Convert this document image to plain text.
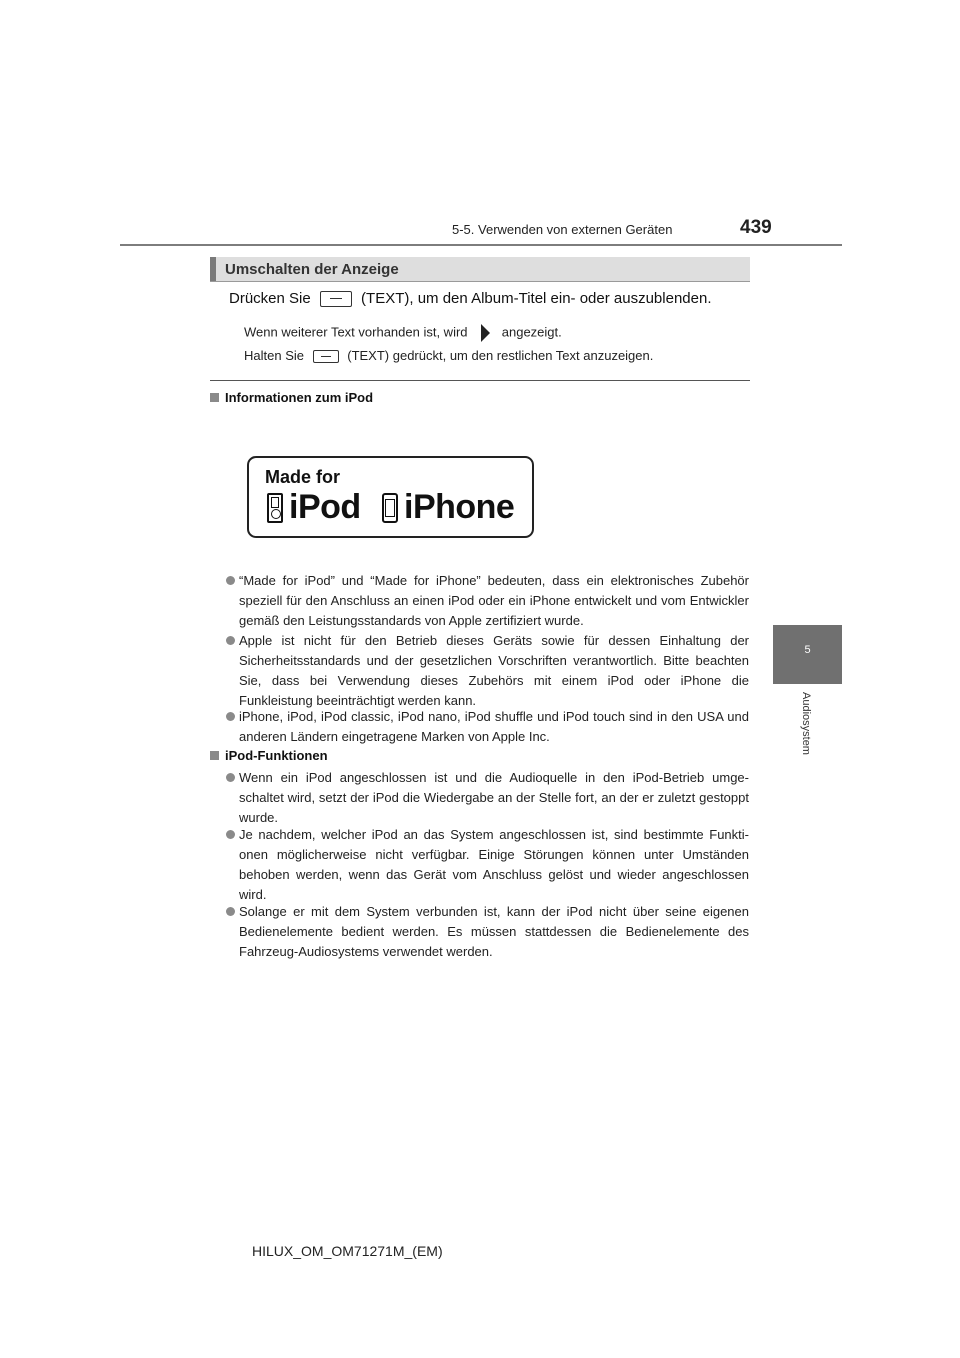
5-5. Verwenden von externen Geräten	439
5
Audiosystem
Umschalten der Anzeige
Drücken Sie	(TEXT), um den Album-Titel ein- oder auszublenden.
Wenn weiterer Text vorhanden ist, wird	angezeigt.
Halten Sie	(TEXT) gedrückt, um den restlichen Text anzuzeigen.
Informationen zum iPod
Made for
iPod iPhone
“Made for iPod” und “Made for iPhone” bedeuten, dass ein elektronisches Zubehör speziell für den Anschluss an einen iPod oder ein iPhone entwickelt und vom Entwickler gemäß den Leistungsstandards von Apple zertifiziert wurde.
Apple ist nicht für den Betrieb dieses Geräts sowie für dessen Einhaltung der Sicherheitsstandards und der gesetzlichen Vorschriften verantwortlich. Bitte beachten Sie, dass bei Verwendung dieses Zubehörs mit einem iPod oder iPhone die Funkleistung beeinträchtigt werden kann.
iPhone, iPod, iPod classic, iPod nano, iPod shuffle und iPod touch sind in den USA und anderen Ländern eingetragene Marken von Apple Inc.
iPod-Funktionen
Wenn ein iPod angeschlossen ist und die Audioquelle in den iPod-Betrieb umge- schaltet wird, setzt der iPod die Wiedergabe an der Stelle fort, an der er zuletzt gestoppt wurde.
Je nachdem, welcher iPod an das System angeschlossen ist, sind bestimmte Funkti- onen möglicherweise nicht verfügbar. Einige Störungen können unter Umständen behoben werden, wenn das Gerät vom Anschluss gelöst und wieder angeschlossen wird.
Solange er mit dem System verbunden ist, kann der iPod nicht über seine eigenen Bedienelemente bedient werden. Es müssen stattdessen die Bedienelemente des Fahrzeug-Audiosystems verwendet werden.
HILUX_OM_OM71271M_(EM)
